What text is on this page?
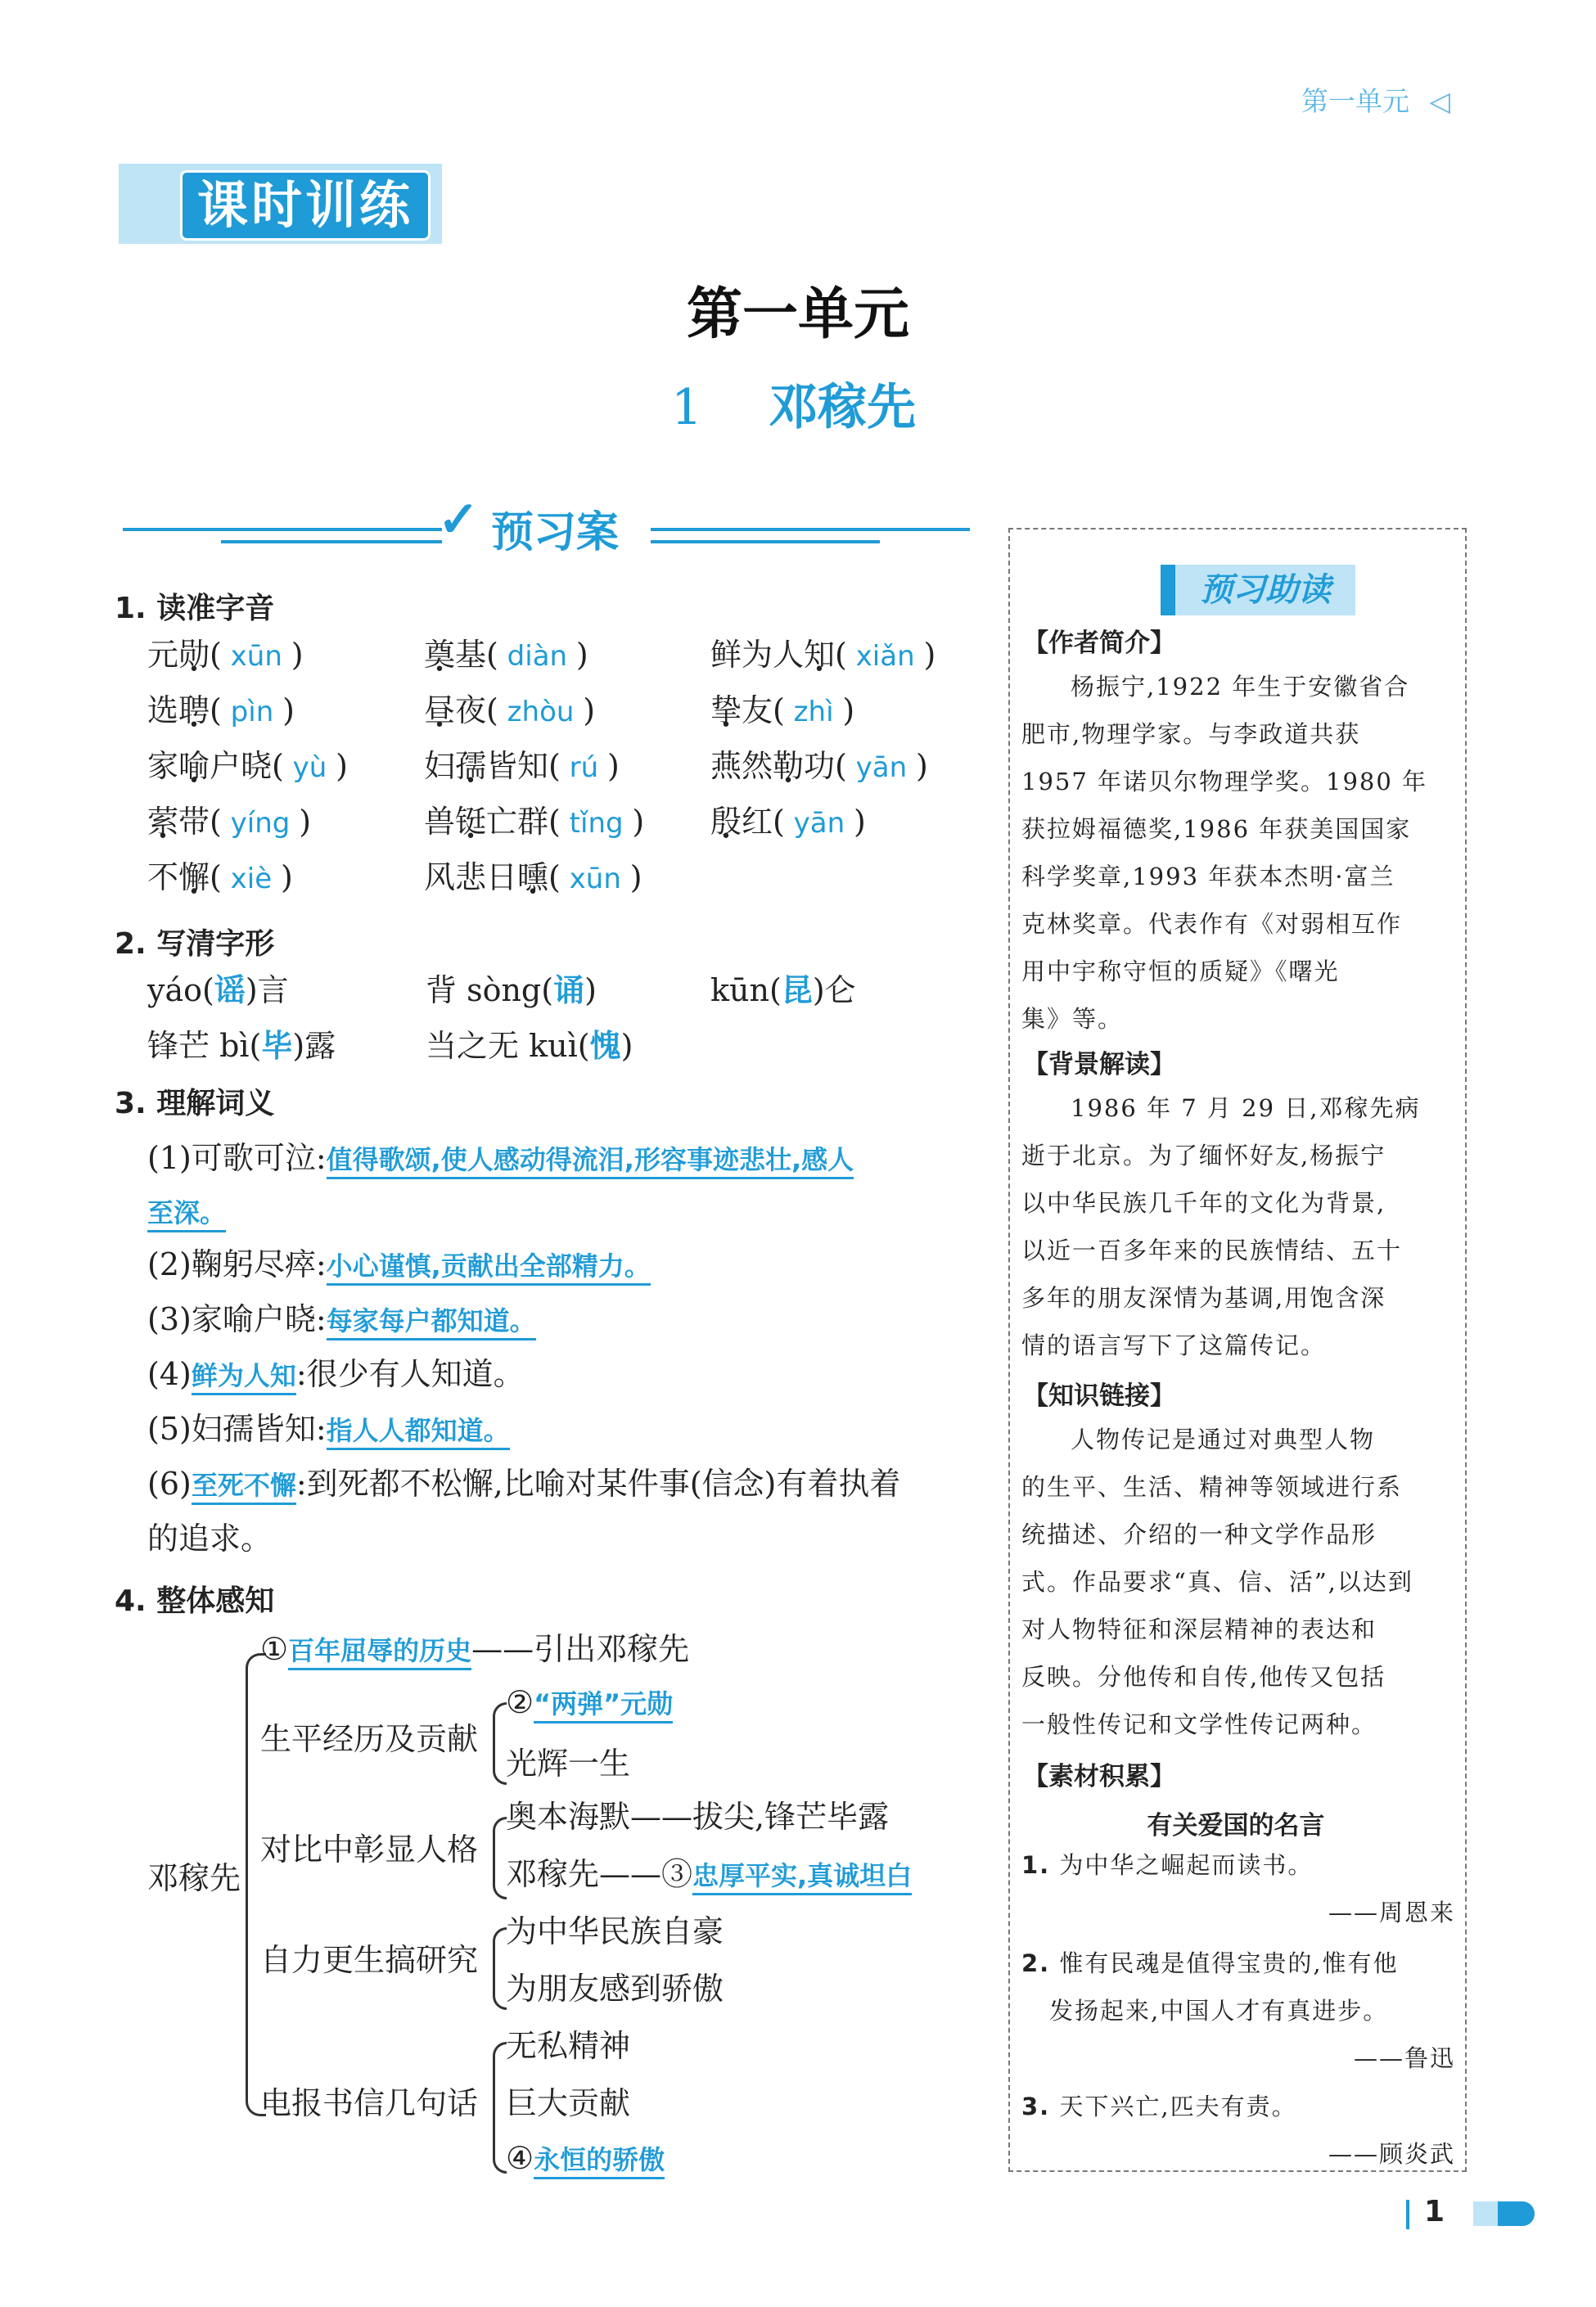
第一单元 ◁
课时训练
第一单元
1 邓稼先
✓ 预习案
1. 读准字音
元勋( xūn )	奠基( diàn )	鲜为人知( xiǎn )
选聘( pìn )	昼夜( zhòu )	挚友( zhì )
家喻户晓( yù ) 妇孺皆知( rú )	燕然勒功( yān )
萦带( yíng )	兽铤亡群( tǐng ) 殷红( yān )
不懈( xiè )	风悲日曛( xūn )
2. 写清字形
yáo(谣)言	背 sòng(诵)	kūn(昆)仑
锋芒 bì(毕)露	当之无 kuì(愧)
3. 理解词义
(1)可歌可泣:值得歌颂,使人感动得流泪,形容事迹悲壮,感人
至深。
(2)鞠躬尽瘁:小心谨慎,贡献出全部精力。
(3)家喻户晓:每家每户都知道。
(4)鲜为人知:很少有人知道。
(5)妇孺皆知:指人人都知道。
(6)至死不懈:到死都不松懈,比喻对某件事(信念)有着执着
的追求。
4. 整体感知
邓稼先
①百年屈辱的历史——引出邓稼先
生平经历及贡献
②“两弹”元勋
光辉一生
对比中彰显人格
奥本海默——拔尖,锋芒毕露
邓稼先——③忠厚平实,真诚坦白
自力更生搞研究
为中华民族自豪
为朋友感到骄傲
电报书信几句话
无私精神
巨大贡献
④永恒的骄傲
预习助读
【作者简介】
杨振宁,1922 年生于安徽省合
肥市,物理学家。与李政道共获
1957 年诺贝尔物理学奖。1980 年
获拉姆福德奖,1986 年获美国国家
科学奖章,1993 年获本杰明·富兰
克林奖章。代表作有《对弱相互作
用中宇称守恒的质疑》《曙光
集》等。
【背景解读】
1986 年 7 月 29 日,邓稼先病
逝于北京。为了缅怀好友,杨振宁
以中华民族几千年的文化为背景,
以近一百多年来的民族情结、五十
多年的朋友深情为基调,用饱含深
情的语言写下了这篇传记。
【知识链接】
人物传记是通过对典型人物
的生平、生活、精神等领域进行系
统描述、介绍的一种文学作品形
式。作品要求“真、信、活”,以达到
对人物特征和深层精神的表达和
反映。分他传和自传,他传又包括
一般性传记和文学性传记两种。
【素材积累】
有关爱国的名言
1. 为中华之崛起而读书。
——周恩来
2. 惟有民魂是值得宝贵的,惟有他
发扬起来,中国人才有真进步。
——鲁迅
3. 天下兴亡,匹夫有责。
——顾炎武
1
